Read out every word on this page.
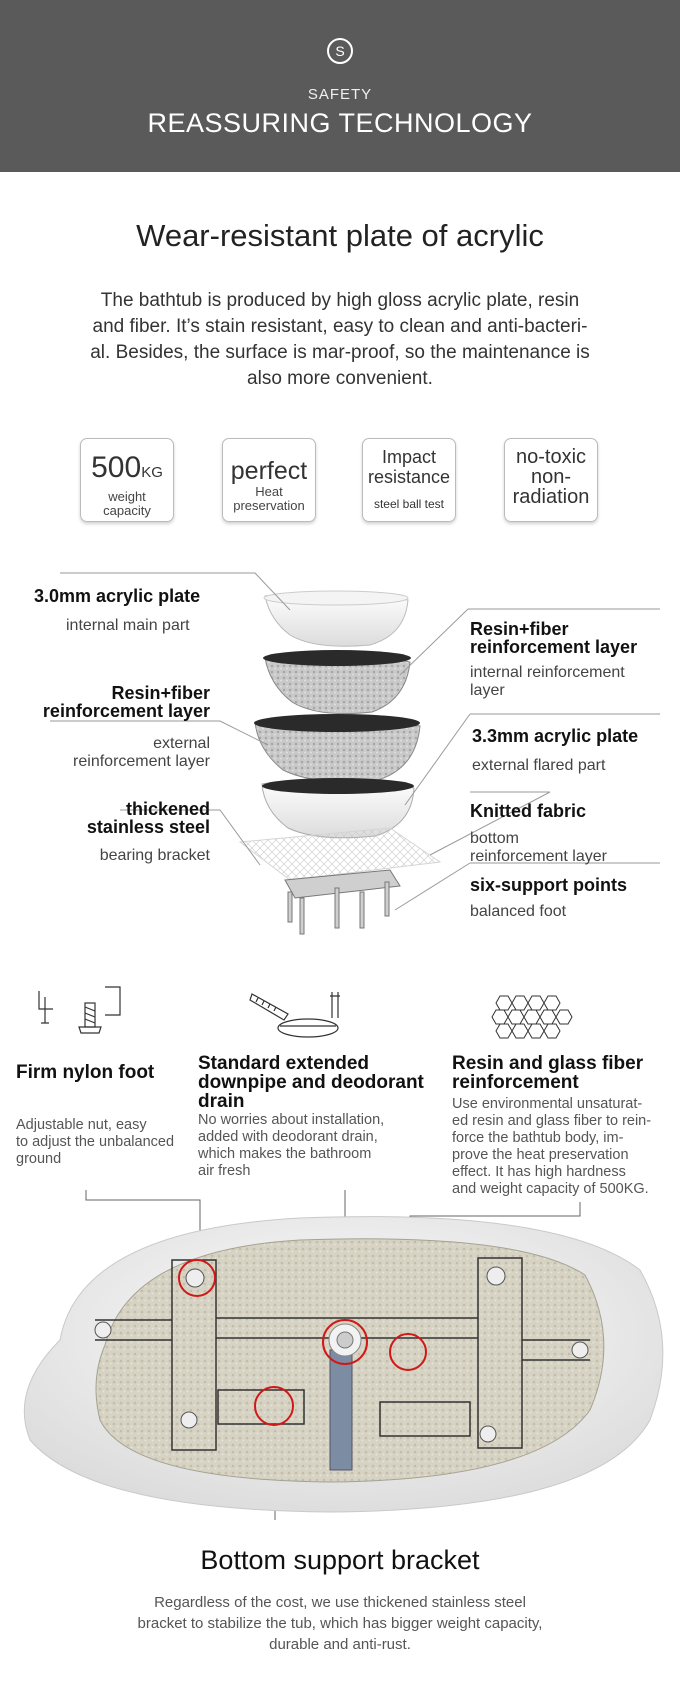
S
SAFETY
REASSURING TECHNOLOGY
Wear-resistant plate of acrylic
The bathtub is produced by high gloss acrylic plate, resin
and fiber. It’s stain resistant, easy to clean and anti-bacteri-
al. Besides, the surface is mar-proof, so the maintenance is
also more convenient.
500KG
weight
capacity
perfect
Heat
preservation
Impact
resistance
steel ball test
no-toxic
non-
radiation
3.0mm acrylic plate
internal main part	Resin+fiber
reinforcement layer
internal reinforcement
layer
Resin+fiber
reinforcement layer
external
reinforcement layer
3.3mm acrylic plate
external flared part
thickened
stainless steel
bearing bracket
Knitted fabric
bottom
reinforcement layer
six-support points
balanced foot
Firm nylon foot
Adjustable nut, easy
to adjust the unbalanced
ground
Standard extended
downpipe and deodorant
drain
No worries about installation,
added with deodorant drain,
which makes the bathroom
air fresh
Resin and glass fiber
reinforcement
Use environmental unsaturat-
ed resin and glass fiber to rein-
force the bathtub body, im-
prove the heat preservation
effect. It has high hardness
and weight capacity of 500KG.
Bottom support bracket
Regardless of the cost, we use thickened stainless steel
bracket to stabilize the tub, which has bigger weight capacity,
durable and anti-rust.
